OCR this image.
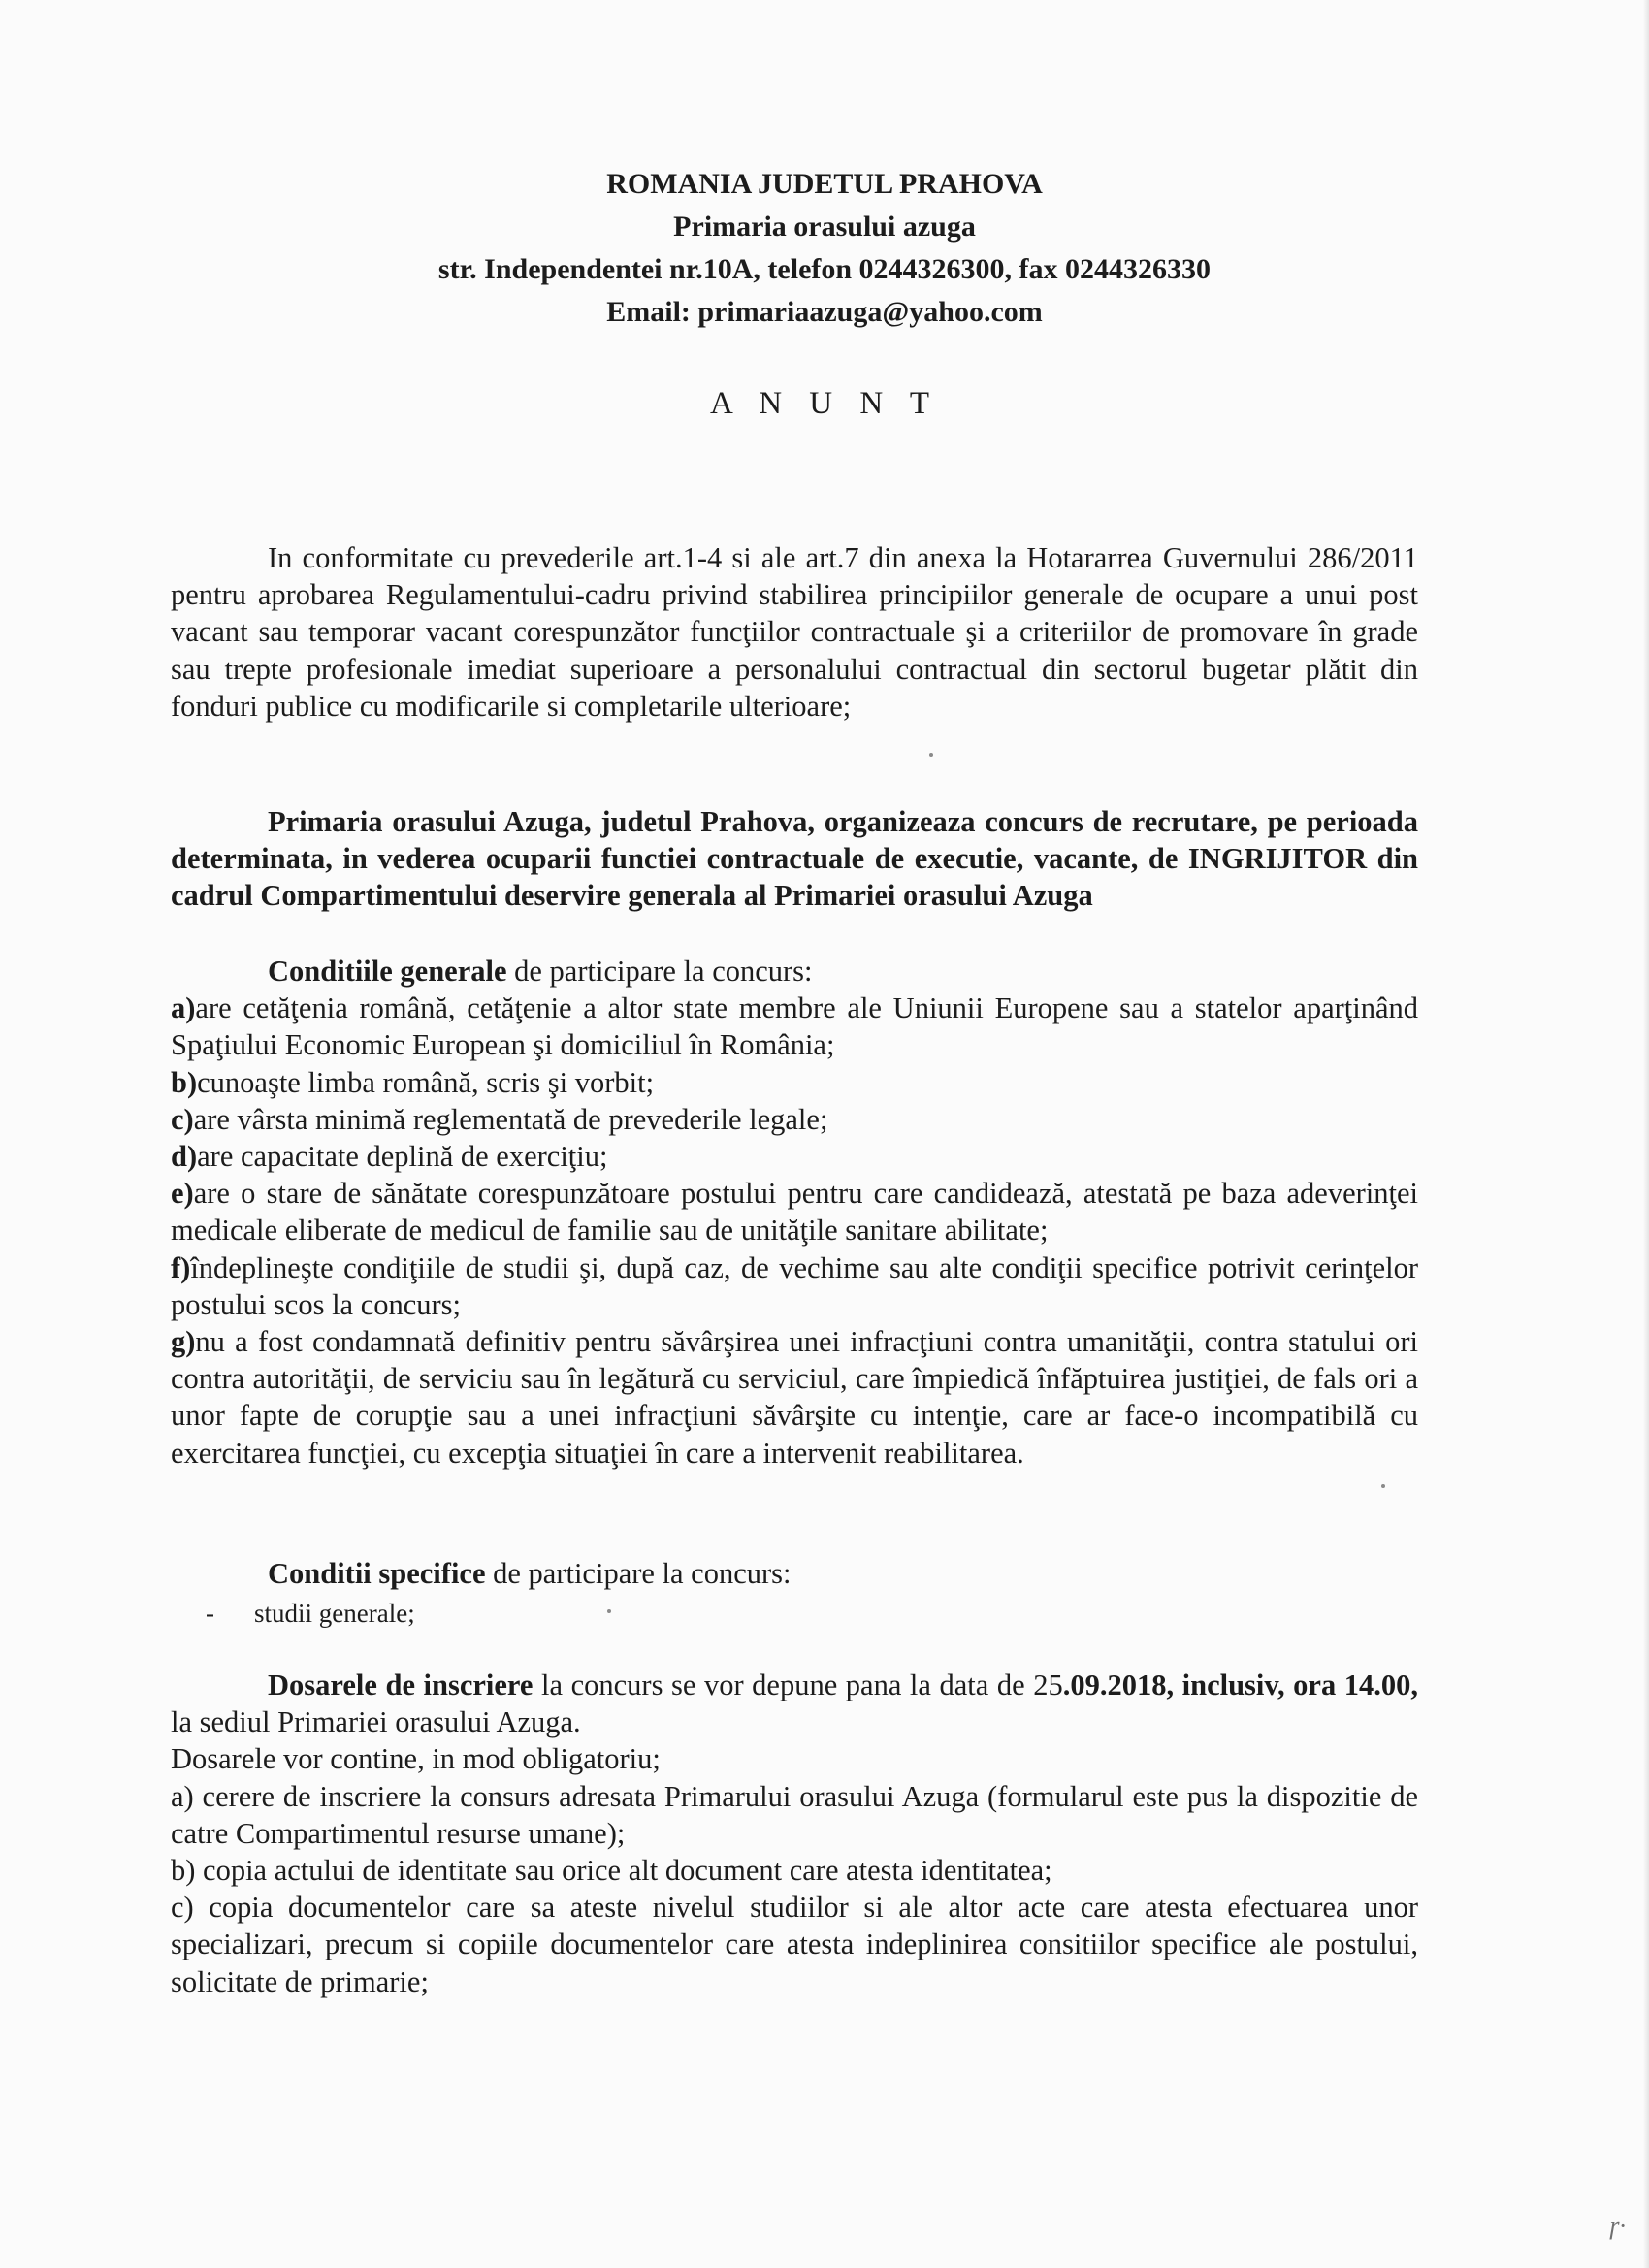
ROMANIA JUDETUL PRAHOVA
Primaria orasului azuga
str. Independentei nr.10A, telefon 0244326300, fax 0244326330
Email: primariaazuga@yahoo.com
A N U N T

In conformitate cu prevederile art.1-4 si ale art.7 din anexa la Hotararrea Guvernului 286/2011 pentru aprobarea Regulamentului-cadru privind stabilirea principiilor generale de ocupare a unui post vacant sau temporar vacant corespunzător funcţiilor contractuale şi a criteriilor de promovare în grade sau trepte profesionale imediat superioare a personalului contractual din sectorul bugetar plătit din fonduri publice cu modificarile si completarile ulterioare;

Primaria orasului Azuga, judetul Prahova, organizeaza concurs de recrutare, pe perioada determinata, in vederea ocuparii functiei contractuale de executie, vacante, de INGRIJITOR din cadrul Compartimentului deservire generala al Primariei orasului Azuga

Conditiile generale de participare la concurs:

a)are cetăţenia română, cetăţenie a altor state membre ale Uniunii Europene sau a statelor aparţinând Spaţiului Economic European şi domiciliul în România;

b)cunoaşte limba română, scris şi vorbit;

c)are vârsta minimă reglementată de prevederile legale;

d)are capacitate deplină de exerciţiu;

e)are o stare de sănătate corespunzătoare postului pentru care candidează, atestată pe baza adeverinţei medicale eliberate de medicul de familie sau de unităţile sanitare abilitate;

f)îndeplineşte condiţiile de studii şi, după caz, de vechime sau alte condiţii specifice potrivit cerinţelor postului scos la concurs;

g)nu a fost condamnată definitiv pentru săvârşirea unei infracţiuni contra umanităţii, contra statului ori contra autorităţii, de serviciu sau în legătură cu serviciul, care împiedică înfăptuirea justiţiei, de fals ori a unor fapte de corupţie sau a unei infracţiuni săvârşite cu intenţie, care ar face-o incompatibilă cu exercitarea funcţiei, cu excepţia situaţiei în care a intervenit reabilitarea.

Conditii specifice de participare la concurs:

-	studii generale;

Dosarele de inscriere la concurs se vor depune pana la data de 25.09.2018, inclusiv, ora 14.00, la sediul Primariei orasului Azuga.

Dosarele vor contine, in mod obligatoriu;

a) cerere de inscriere la consurs adresata Primarului orasului Azuga (formularul este pus la dispozitie de catre Compartimentul resurse umane);

b) copia actului de identitate sau orice alt document care atesta identitatea;

c) copia documentelor care sa ateste nivelul studiilor si ale altor acte care atesta efectuarea unor specializari, precum si copiile documentelor care atesta indeplinirea consitiilor specifice ale postului, solicitate de primarie;

ɼ·
